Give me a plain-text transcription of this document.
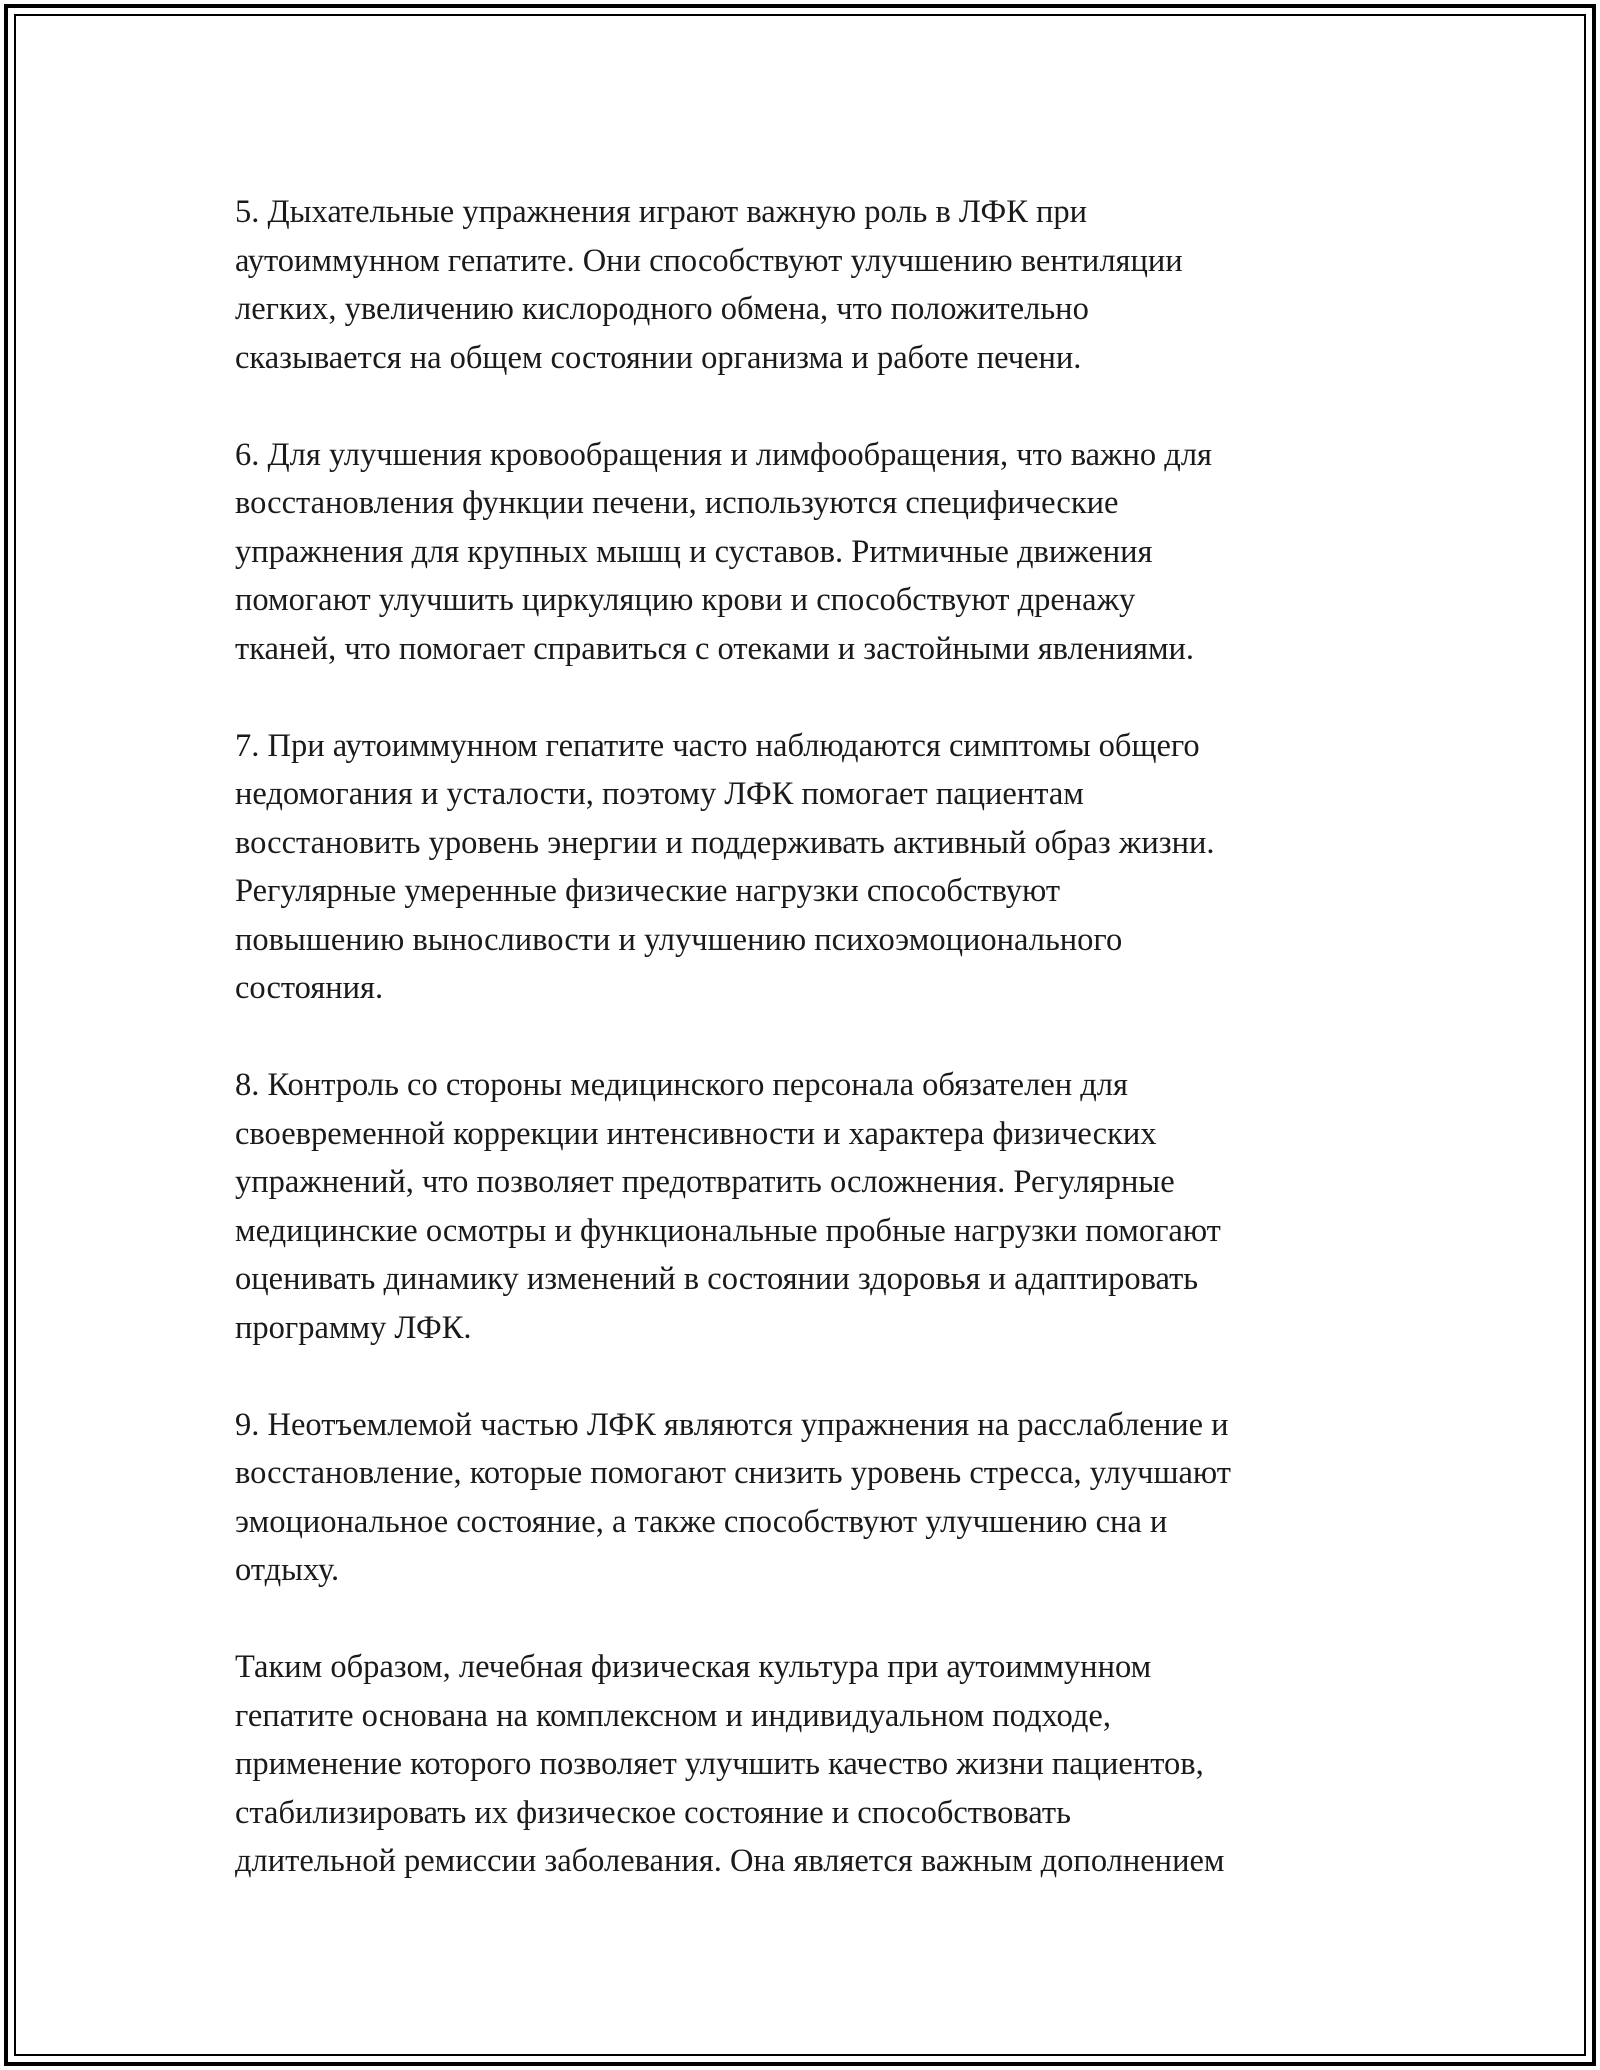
5. Дыхательные упражнения играют важную роль в ЛФК при
аутоиммунном гепатите. Они способствуют улучшению вентиляции
легких, увеличению кислородного обмена, что положительно
сказывается на общем состоянии организма и работе печени.

6. Для улучшения кровообращения и лимфообращения, что важно для
восстановления функции печени, используются специфические
упражнения для крупных мышц и суставов. Ритмичные движения
помогают улучшить циркуляцию крови и способствуют дренажу
тканей, что помогает справиться с отеками и застойными явлениями.

7. При аутоиммунном гепатите часто наблюдаются симптомы общего
недомогания и усталости, поэтому ЛФК помогает пациентам
восстановить уровень энергии и поддерживать активный образ жизни.
Регулярные умеренные физические нагрузки способствуют
повышению выносливости и улучшению психоэмоционального
состояния.

8. Контроль со стороны медицинского персонала обязателен для
своевременной коррекции интенсивности и характера физических
упражнений, что позволяет предотвратить осложнения. Регулярные
медицинские осмотры и функциональные пробные нагрузки помогают
оценивать динамику изменений в состоянии здоровья и адаптировать
программу ЛФК.

9. Неотъемлемой частью ЛФК являются упражнения на расслабление и
восстановление, которые помогают снизить уровень стресса, улучшают
эмоциональное состояние, а также способствуют улучшению сна и
отдыху.

Таким образом, лечебная физическая культура при аутоиммунном
гепатите основана на комплексном и индивидуальном подходе,
применение которого позволяет улучшить качество жизни пациентов,
стабилизировать их физическое состояние и способствовать
длительной ремиссии заболевания. Она является важным дополнением
